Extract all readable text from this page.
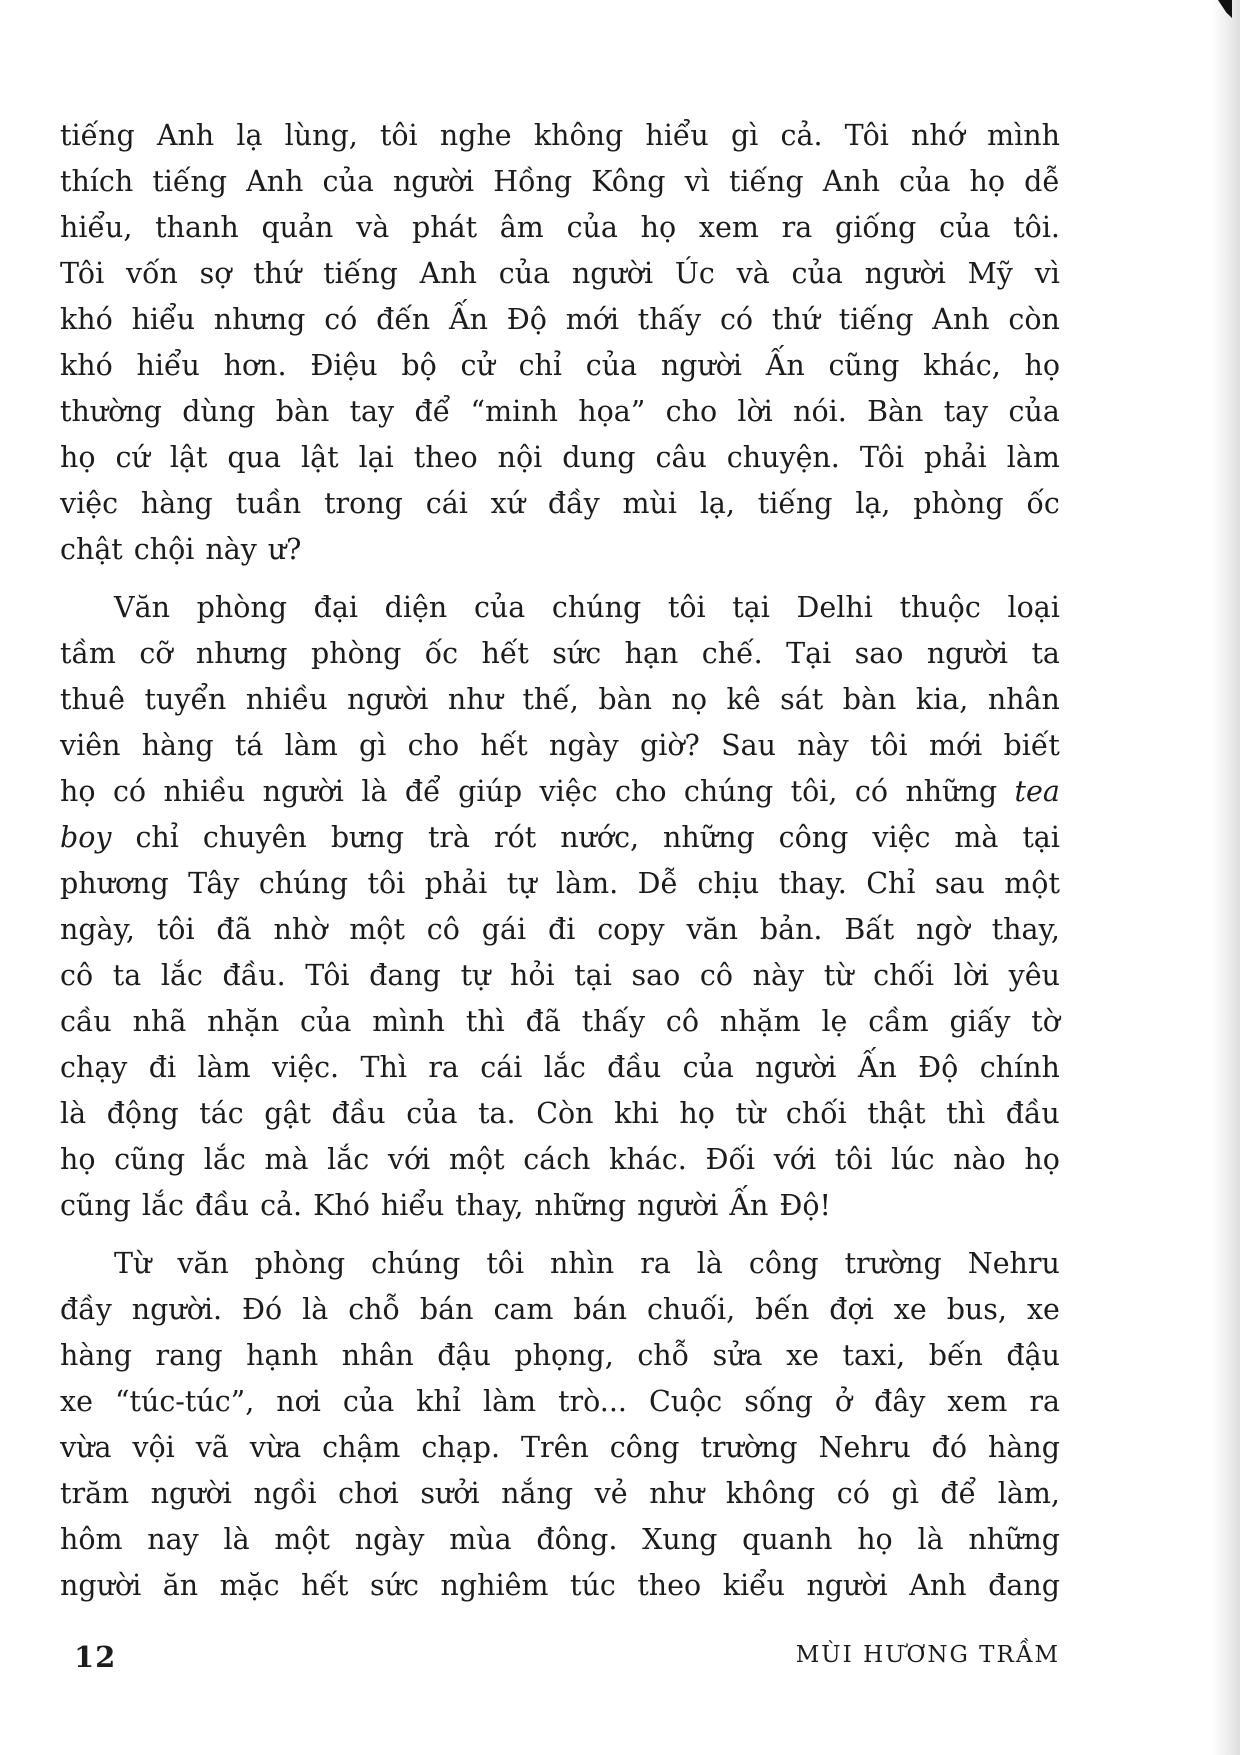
tiếng Anh lạ lùng, tôi nghe không hiểu gì cả. Tôi nhớ mình
thích tiếng Anh của người Hồng Kông vì tiếng Anh của họ dễ
hiểu, thanh quản và phát âm của họ xem ra giống của tôi.
Tôi vốn sợ thứ tiếng Anh của người Úc và của người Mỹ vì
khó hiểu nhưng có đến Ấn Độ mới thấy có thứ tiếng Anh còn
khó hiểu hơn. Điệu bộ cử chỉ của người Ấn cũng khác, họ
thường dùng bàn tay để “minh họa” cho lời nói. Bàn tay của
họ cứ lật qua lật lại theo nội dung câu chuyện. Tôi phải làm
việc hàng tuần trong cái xứ đầy mùi lạ, tiếng lạ, phòng ốc
chật chội này ư?
Văn phòng đại diện của chúng tôi tại Delhi thuộc loại
tầm cỡ nhưng phòng ốc hết sức hạn chế. Tại sao người ta
thuê tuyển nhiều người như thế, bàn nọ kê sát bàn kia, nhân
viên hàng tá làm gì cho hết ngày giờ? Sau này tôi mới biết
họ có nhiều người là để giúp việc cho chúng tôi, có những tea
boy chỉ chuyên bưng trà rót nước, những công việc mà tại
phương Tây chúng tôi phải tự làm. Dễ chịu thay. Chỉ sau một
ngày, tôi đã nhờ một cô gái đi copy văn bản. Bất ngờ thay,
cô ta lắc đầu. Tôi đang tự hỏi tại sao cô này từ chối lời yêu
cầu nhã nhặn của mình thì đã thấy cô nhặm lẹ cầm giấy tờ
chạy đi làm việc. Thì ra cái lắc đầu của người Ấn Độ chính
là động tác gật đầu của ta. Còn khi họ từ chối thật thì đầu
họ cũng lắc mà lắc với một cách khác. Đối với tôi lúc nào họ
cũng lắc đầu cả. Khó hiểu thay, những người Ấn Độ!
Từ văn phòng chúng tôi nhìn ra là công trường Nehru
đầy người. Đó là chỗ bán cam bán chuối, bến đợi xe bus, xe
hàng rang hạnh nhân đậu phọng, chỗ sửa xe taxi, bến đậu
xe “túc-túc”, nơi của khỉ làm trò... Cuộc sống ở đây xem ra
vừa vội vã vừa chậm chạp. Trên công trường Nehru đó hàng
trăm người ngồi chơi sưởi nắng vẻ như không có gì để làm,
hôm nay là một ngày mùa đông. Xung quanh họ là những
người ăn mặc hết sức nghiêm túc theo kiểu người Anh đang
12	MÙI HƯƠNG TRẦM
